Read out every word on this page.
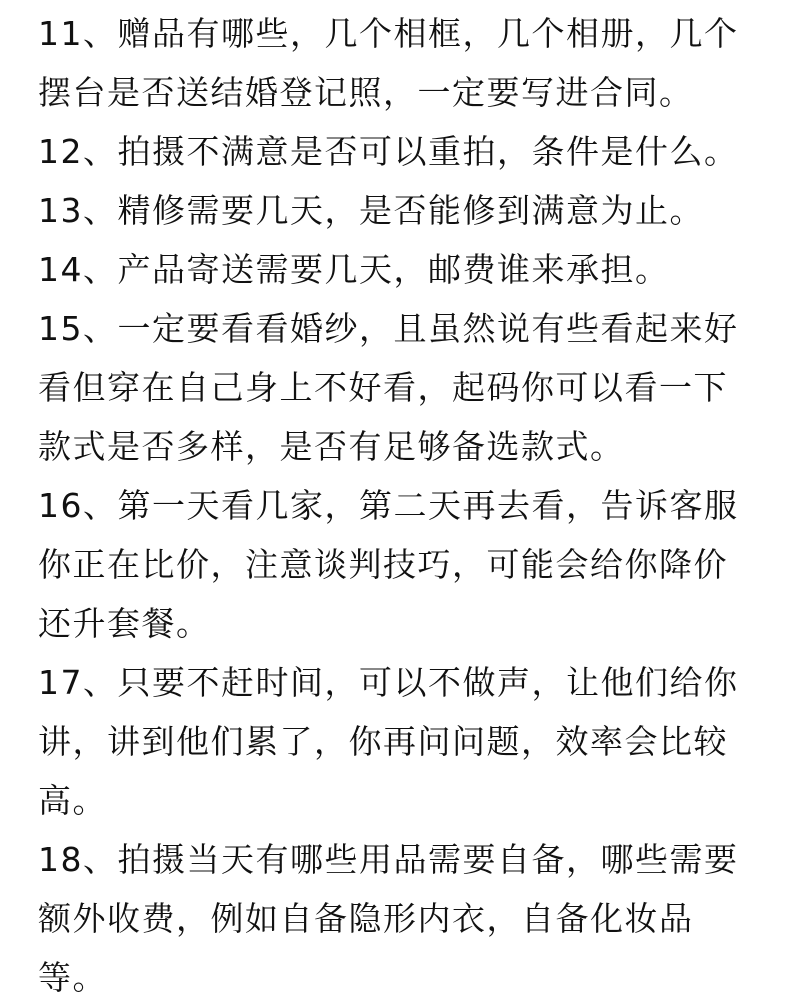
11、赠品有哪些，几个相框，几个相册，几个
摆台是否送结婚登记照，一定要写进合同。
12、拍摄不满意是否可以重拍，条件是什么。
13、精修需要几天，是否能修到满意为止。
14、产品寄送需要几天，邮费谁来承担。
15、一定要看看婚纱，且虽然说有些看起来好
看但穿在自己身上不好看，起码你可以看一下
款式是否多样，是否有足够备选款式。
16、第一天看几家，第二天再去看，告诉客服
你正在比价，注意谈判技巧，可能会给你降价
还升套餐。
17、只要不赶时间，可以不做声，让他们给你
讲，讲到他们累了，你再问问题，效率会比较
高。
18、拍摄当天有哪些用品需要自备，哪些需要
额外收费，例如自备隐形内衣，自备化妆品
等。
